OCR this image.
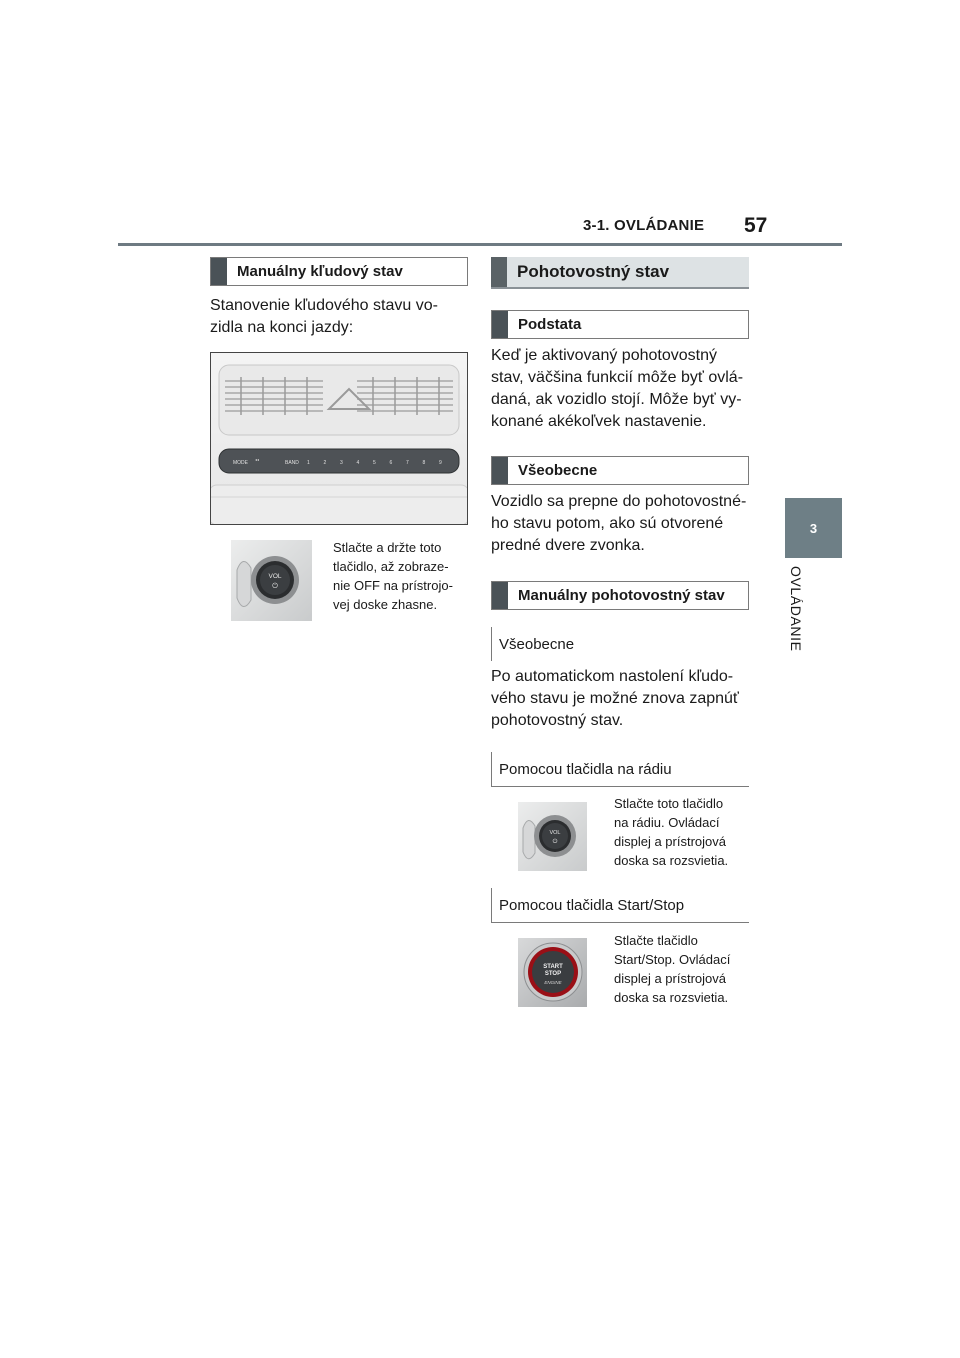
3-1. OVLÁDANIE 57
3
OVLÁDANIE
Manuálny kľudový stav
Stanovenie kľudového stavu vo-
zidla na konci jazdy:
MODE
◂◂
BAND 1	2	3	4	5	6	7	8	9
VOL
⏻
Stlačte a držte toto
tlačidlo, až zobraze-
nie OFF na prístrojo-
vej doske zhasne.
Pohotovostný stav
Podstata
Keď je aktivovaný pohotovostný
stav, väčšina funkcií môže byť ovlá-
daná, ak vozidlo stojí. Môže byť vy-
konané akékoľvek nastavenie.
Všeobecne
Vozidlo sa prepne do pohotovostné-
ho stavu potom, ako sú otvorené
predné dvere zvonka.
Manuálny pohotovostný stav
Všeobecne
Po automatickom nastolení kľudo-
vého stavu je možné znova zapnúť
pohotovostný stav.
Pomocou tlačidla na rádiu
VOL
⏻
Stlačte toto tlačidlo
na rádiu. Ovládací
displej a prístrojová
doska sa rozsvietia.
Pomocou tlačidla Start/Stop
START
STOP
ENGINE
Stlačte tlačidlo
Start/Stop. Ovládací
displej a prístrojová
doska sa rozsvietia.
